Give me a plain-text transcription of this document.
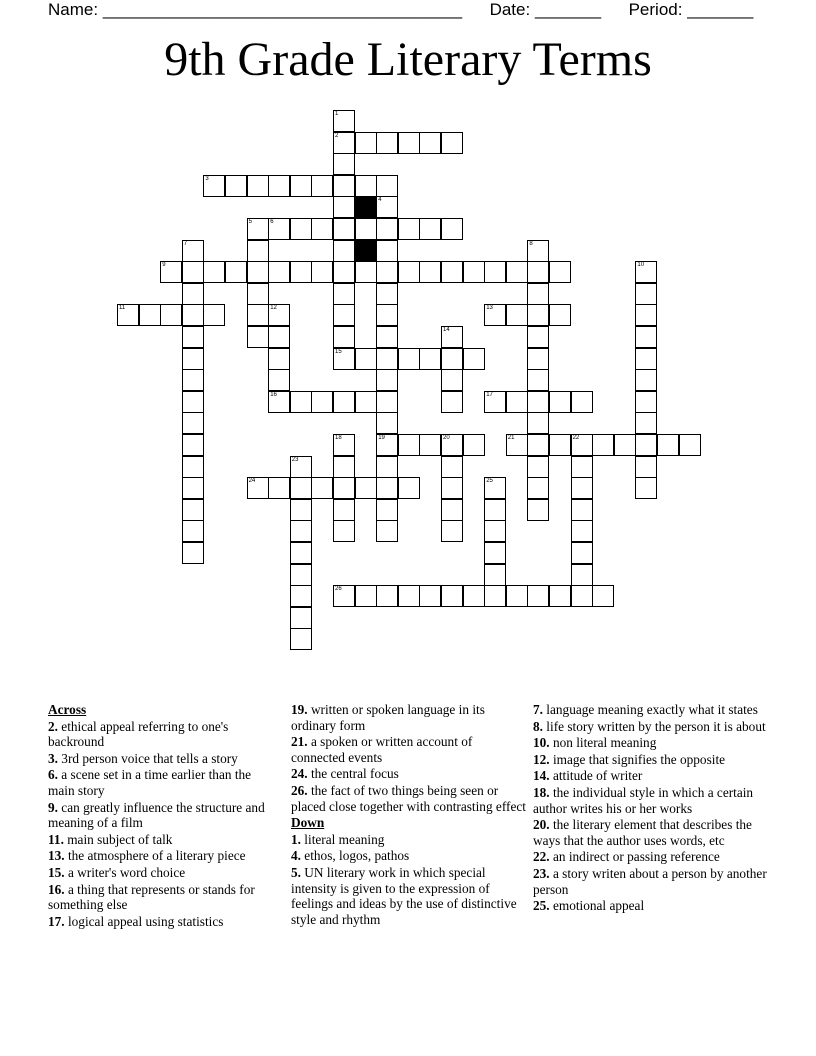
Name: ______________________________________ Date: _______ Period: _______
9th Grade Literary Terms
1
2
3
4
19
5	6
7	8
9	10
11	12
16
13
14
15
17
18	20	21	22
23
24	25
26
Across
2. ethical appeal referring to one's backround
3. 3rd person voice that tells a story
6. a scene set in a time earlier than the main story
9. can greatly influence the structure and meaning of a film
11. main subject of talk
13. the atmosphere of a literary piece
15. a writer's word choice
16. a thing that represents or stands for something else
17. logical appeal using statistics
19. written or spoken language in its ordinary form
21. a spoken or written account of connected events
24. the central focus
26. the fact of two things being seen or placed close together with contrasting effect
Down
1. literal meaning
4. ethos, logos, pathos
5. UN literary work in which special intensity is given to the expression of feelings and ideas by the use of distinctive style and rhythm
7. language meaning exactly what it states
8. life story written by the person it is about
10. non literal meaning
12. image that signifies the opposite
14. attitude of writer
18. the individual style in which a certain author writes his or her works
20. the literary element that describes the ways that the author uses words, etc
22. an indirect or passing reference
23. a story writen about a person by another person
25. emotional appeal
